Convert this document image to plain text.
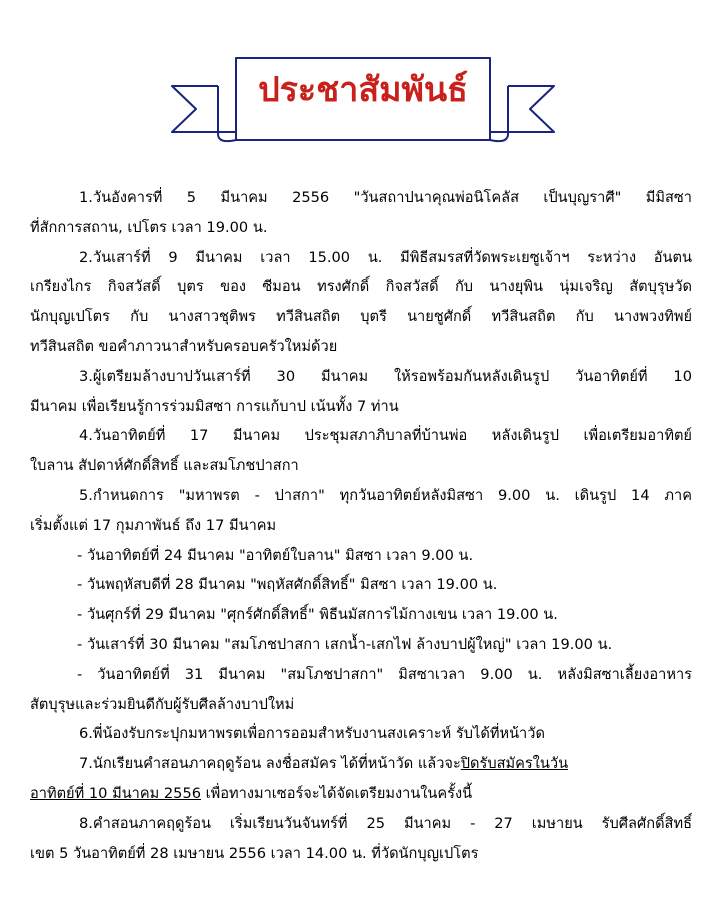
ประชาสัมพันธ์
1.วันอังคารที่ 5 มีนาคม 2556 "วันสถาปนาคุณพ่อนิโคลัส เป็นบุญราศี" มีมิสซา
ที่สักการสถาน, เปโตร เวลา 19.00 น.
2.วันเสาร์ที่ 9 มีนาคม เวลา 15.00 น. มีพิธีสมรสที่วัดพระเยซูเจ้าฯ ระหว่าง อันตน
เกรียงไกร กิจสวัสดิ์ บุตร ของ ซีมอน ทรงศักดิ์ กิจสวัสดิ์ กับ นางยุพิน นุ่มเจริญ สัตบุรุษวัด
นักบุญเปโตร กับ นางสาวชุติพร ทวีสินสถิต บุตรี นายชูศักดิ์ ทวีสินสถิต กับ นางพวงทิพย์
ทวีสินสถิต ขอคำภาวนาสำหรับครอบครัวใหม่ด้วย
3.ผู้เตรียมล้างบาปวันเสาร์ที่ 30 มีนาคม ให้รอพร้อมกันหลังเดินรูป วันอาทิตย์ที่ 10
มีนาคม เพื่อเรียนรู้การร่วมมิสซา การแก้บาป เน้นทั้ง 7 ท่าน
4.วันอาทิตย์ที่ 17 มีนาคม ประชุมสภาภิบาลที่บ้านพ่อ หลังเดินรูป เพื่อเตรียมอาทิตย์
ใบลาน สัปดาห์ศักดิ์สิทธิ์ และสมโภชปาสกา
5.กำหนดการ "มหาพรต - ปาสกา" ทุกวันอาทิตย์หลังมิสซา 9.00 น. เดินรูป 14 ภาค
เริ่มตั้งแต่ 17 กุมภาพันธ์ ถึง 17 มีนาคม
- วันอาทิตย์ที่ 24 มีนาคม "อาทิตย์ใบลาน" มิสซา เวลา 9.00 น.
- วันพฤหัสบดีที่ 28 มีนาคม "พฤหัสศักดิ์สิทธิ์" มิสซา เวลา 19.00 น.
- วันศุกร์ที่ 29 มีนาคม "ศุกร์ศักดิ์สิทธิ์" พิธีนมัสการไม้กางเขน เวลา 19.00 น.
- วันเสาร์ที่ 30 มีนาคม "สมโภชปาสกา เสกน้ำ-เสกไฟ ล้างบาปผู้ใหญ่" เวลา 19.00 น.
- วันอาทิตย์ที่ 31 มีนาคม "สมโภชปาสกา" มิสซาเวลา 9.00 น. หลังมิสซาเลี้ยงอาหาร
สัตบุรุษและร่วมยินดีกับผู้รับศีลล้างบาปใหม่
6.พี่น้องรับกระปุกมหาพรตเพื่อการออมสำหรับงานสงเคราะห์ รับได้ที่หน้าวัด
7.นักเรียนคำสอนภาคฤดูร้อน ลงชื่อสมัคร ได้ที่หน้าวัด แล้วจะปิดรับสมัครในวัน
อาทิตย์ที่ 10 มีนาคม 2556 เพื่อทางมาเซอร์จะได้จัดเตรียมงานในครั้งนี้
8.คำสอนภาคฤดูร้อน เริ่มเรียนวันจันทร์ที่ 25 มีนาคม - 27 เมษายน รับศีลศักดิ์สิทธิ์
เขต 5 วันอาทิตย์ที่ 28 เมษายน 2556 เวลา 14.00 น. ที่วัดนักบุญเปโตร
